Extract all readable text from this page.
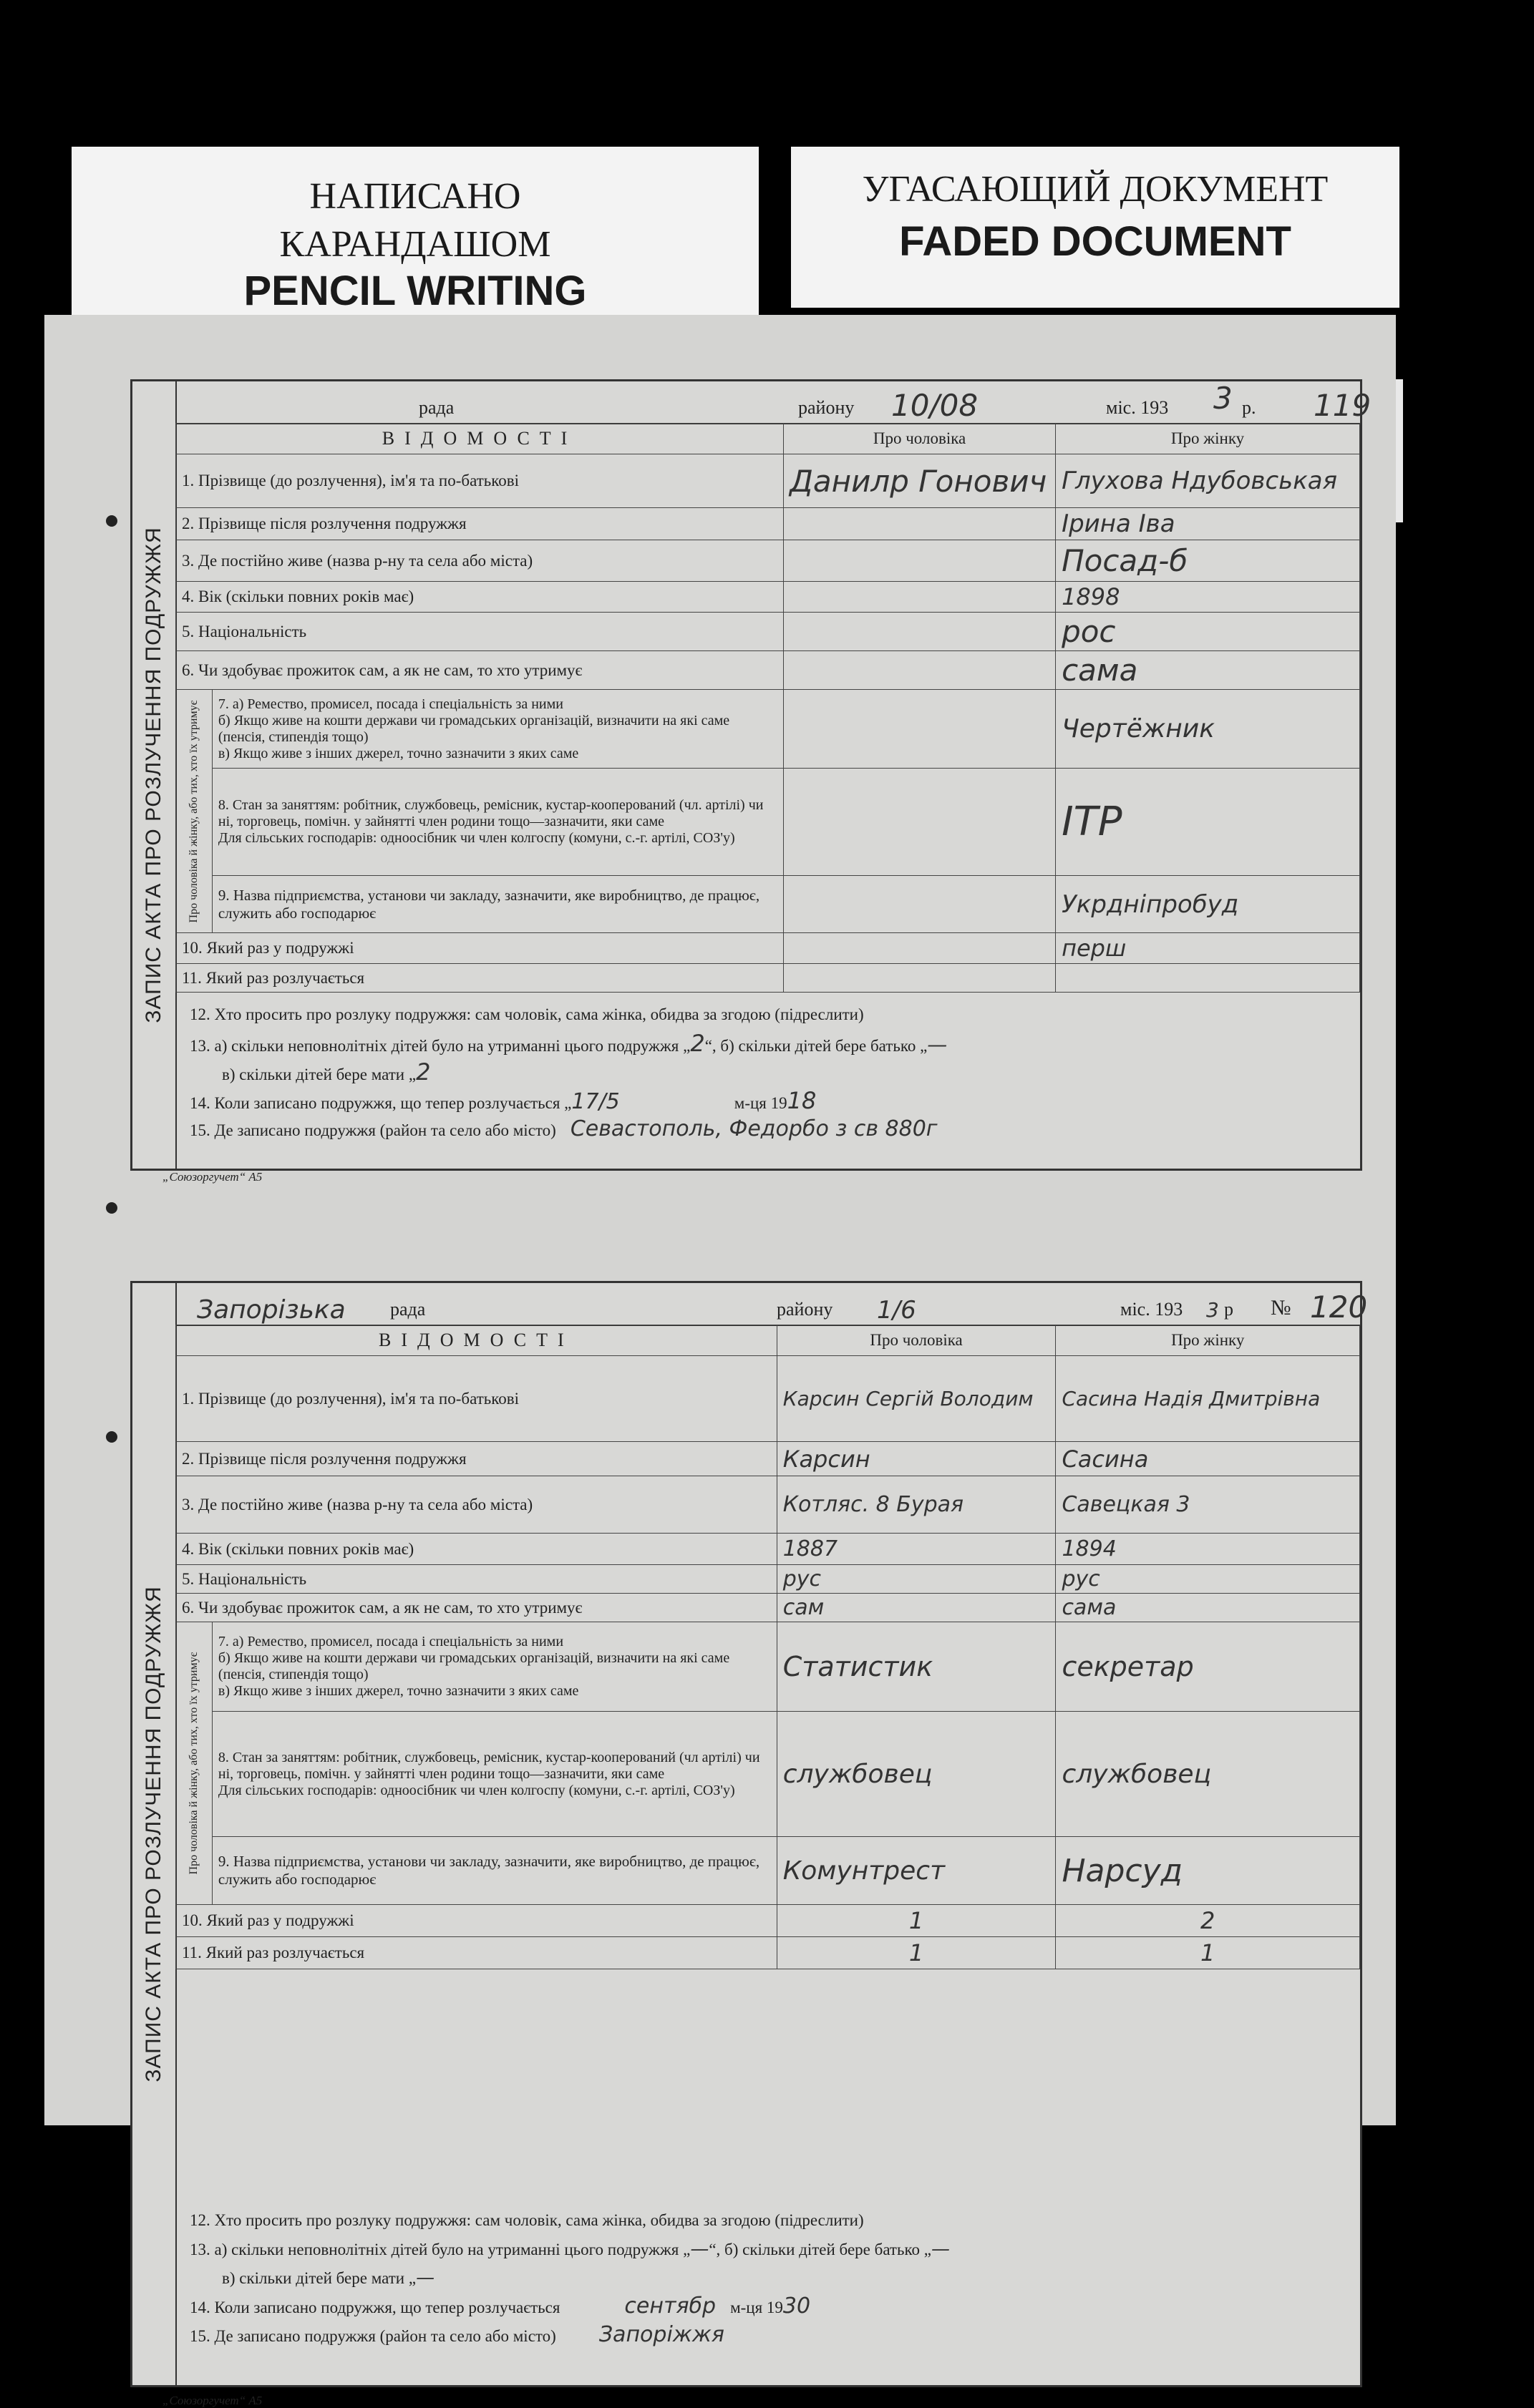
НАПИСАНО
КАРАНДАШОМ
PENCIL WRITING
УГАСАЮЩИЙ ДОКУМЕНТ
FADED DOCUMENT
ЗАПИС АКТА ПРО РОЗЛУЧЕННЯ ПОДРУЖЖЯ
рада	району 10/08	міс. 193 3 р. 119
ВІДОМОСТІ		Про чоловіка	Про жінку
1. Прізвище (до розлучення), ім'я та по-батькові		Данилр Гонович	Глухова Ндубовськая
2. Прізвище після розлучення подружжя			Ірина Іва
3. Де постійно живе (назва р-ну та села або міста)			Посад-б
4. Вік (скільки повних років має)			1898
5. Національність			рос
6. Чи здобуває прожиток сам, а як не сам, то хто утримує			сама

Про чоловіка й жінку, або тих, хто їх утримує	7. а) Ремество, промисел, посада і спеціальність за ними
б) Якщо живе на кошти держави чи громадських організацій, визначити на які саме (пенсія, стипендія тощо)
в) Якщо живе з інших джерел, точно зазначити з яких саме		Чертёжник
	8. Стан за заняттям: робітник, службовець, ремісник, кустар-кооперований (чл. артілі) чи ні, торговець, помічн. у зайнятті член родини тощо—зазначити, яки саме
Для сільських господарів: одноосібник чи член колгоспу (комуни, с.-г. артілі, СОЗ'у)		ІТР
	9. Назва підприємства, установи чи закладу, зазначити, яке виробництво, де працює, служить або господарює		Укрдніпробуд
10. Який раз у подружжі			перш
11. Який раз розлучається			
12. Хто просить про розлуку подружжя: сам чоловік, сама жінка, обидва за згодою (підреслити)
13. а) скільки неповнолітніх дітей було на утриманні цього подружжя „2“, б) скільки дітей бере батько „—
в) скільки дітей бере мати „2
14. Коли записано подружжя, що тепер розлучається „17/5	м-ця 1918
15. Де записано подружжя (район та село або місто) Севастополь, Федорбо з св 880г
„Союзоргучет“ А5
ЗАПИС АКТА ПРО РОЗЛУЧЕННЯ ПОДРУЖЖЯ
Запорізька рада	району 1/6	міс. 193 3 р № 120
ВІДОМОСТІ		Про чоловіка	Про жінку
1. Прізвище (до розлучення), ім'я та по-батькові		Карсин Сергій Володим	Сасина Надія Дмитрівна
2. Прізвище після розлучення подружжя		Карсин	Сасина
3. Де постійно живе (назва р-ну та села або міста)		Котляс. 8 Бурая	Савецкая 3
4. Вік (скільки повних років має)		1887	1894
5. Національність		рус	рус
6. Чи здобуває прожиток сам, а як не сам, то хто утримує		сам	сама

Про чоловіка й жінку, або тих, хто їх утримує	7. а) Ремество, промисел, посада і спеціальність за ними
б) Якщо живе на кошти держави чи громадських організацій, визначити на які саме (пенсія, стипендія тощо)
в) Якщо живе з інших джерел, точно зазначити з яких саме	Статистик	секретар
	8. Стан за заняттям: робітник, службовець, ремісник, кустар-кооперований (чл артілі) чи ні, торговець, помічн. у зайнятті член родини тощо—зазначити, яки саме
Для сільських господарів: одноосібник чи член колгоспу (комуни, с.-г. артілі, СОЗ'у)	службовец	службовец
	9. Назва підприємства, установи чи закладу, зазначити, яке виробництво, де працює, служить або господарює	Комунтрест	Нарсуд
10. Який раз у подружжі		1	2
11. Який раз розлучається		1	1
12. Хто просить про розлуку подружжя: сам чоловік, сама жінка, обидва за згодою (підреслити)
13. а) скільки неповнолітніх дітей було на утриманні цього подружжя „—“, б) скільки дітей бере батько „—
в) скільки дітей бере мати „—
14. Коли записано подружжя, що тепер розлучається	сентябр м-ця 1930
15. Де записано подружжя (район та село або місто) Запоріжжя
„Союзоргучет“ А5
